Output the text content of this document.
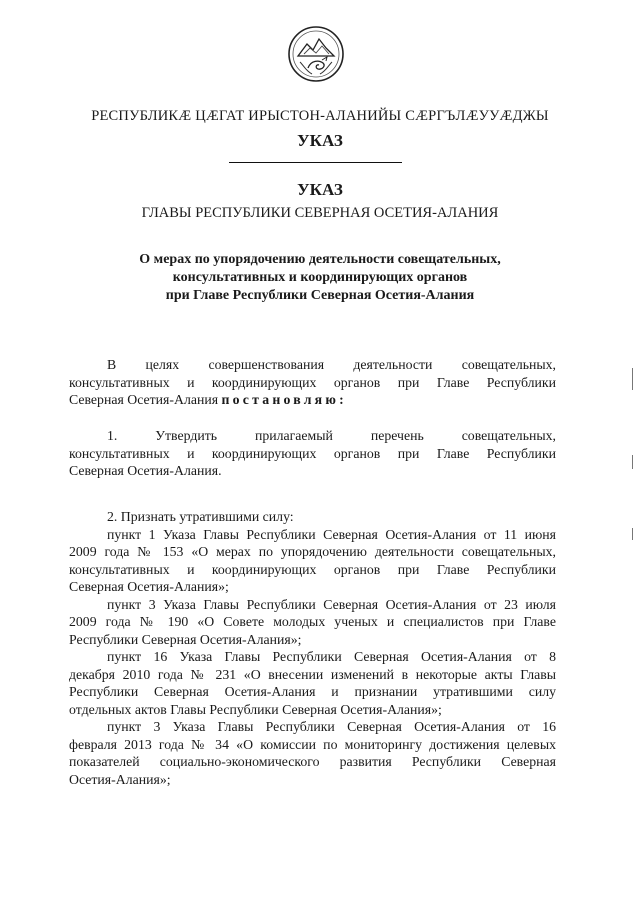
РЕСПУБЛИКӔ ЦӔГАТ ИРЫСТОН-АЛАНИЙЫ СӔРГЪЛӔУУӔДЖЫ
УКАЗ
УКАЗ
ГЛАВЫ РЕСПУБЛИКИ СЕВЕРНАЯ ОСЕТИЯ-АЛАНИЯ
О мерах по упорядочению деятельности совещательных,
консультативных и координирующих органов
при Главе Республики Северная Осетия-Алания
В целях совершенствования деятельности совещательных,
консультативных и координирующих органов при Главе Республики
Северная Осетия-Алания постановляю:
1. Утвердить прилагаемый перечень совещательных,
консультативных и координирующих органов при Главе Республики
Северная Осетия-Алания.
2. Признать утратившими силу:
пункт 1 Указа Главы Республики Северная Осетия-Алания от 11 июня
2009 года № 153 «О мерах по упорядочению деятельности совещательных,
консультативных и координирующих органов при Главе Республики
Северная Осетия-Алания»;
пункт 3 Указа Главы Республики Северная Осетия-Алания от 23 июля
2009 года № 190 «О Совете молодых ученых и специалистов при Главе
Республики Северная Осетия-Алания»;
пункт 16 Указа Главы Республики Северная Осетия-Алания от 8
декабря 2010 года № 231 «О внесении изменений в некоторые акты Главы
Республики Северная Осетия-Алания и признании утратившими силу
отдельных актов Главы Республики Северная Осетия-Алания»;
пункт 3 Указа Главы Республики Северная Осетия-Алания от 16
февраля 2013 года № 34 «О комиссии по мониторингу достижения целевых
показателей социально-экономического развития Республики Северная
Осетия-Алания»;
